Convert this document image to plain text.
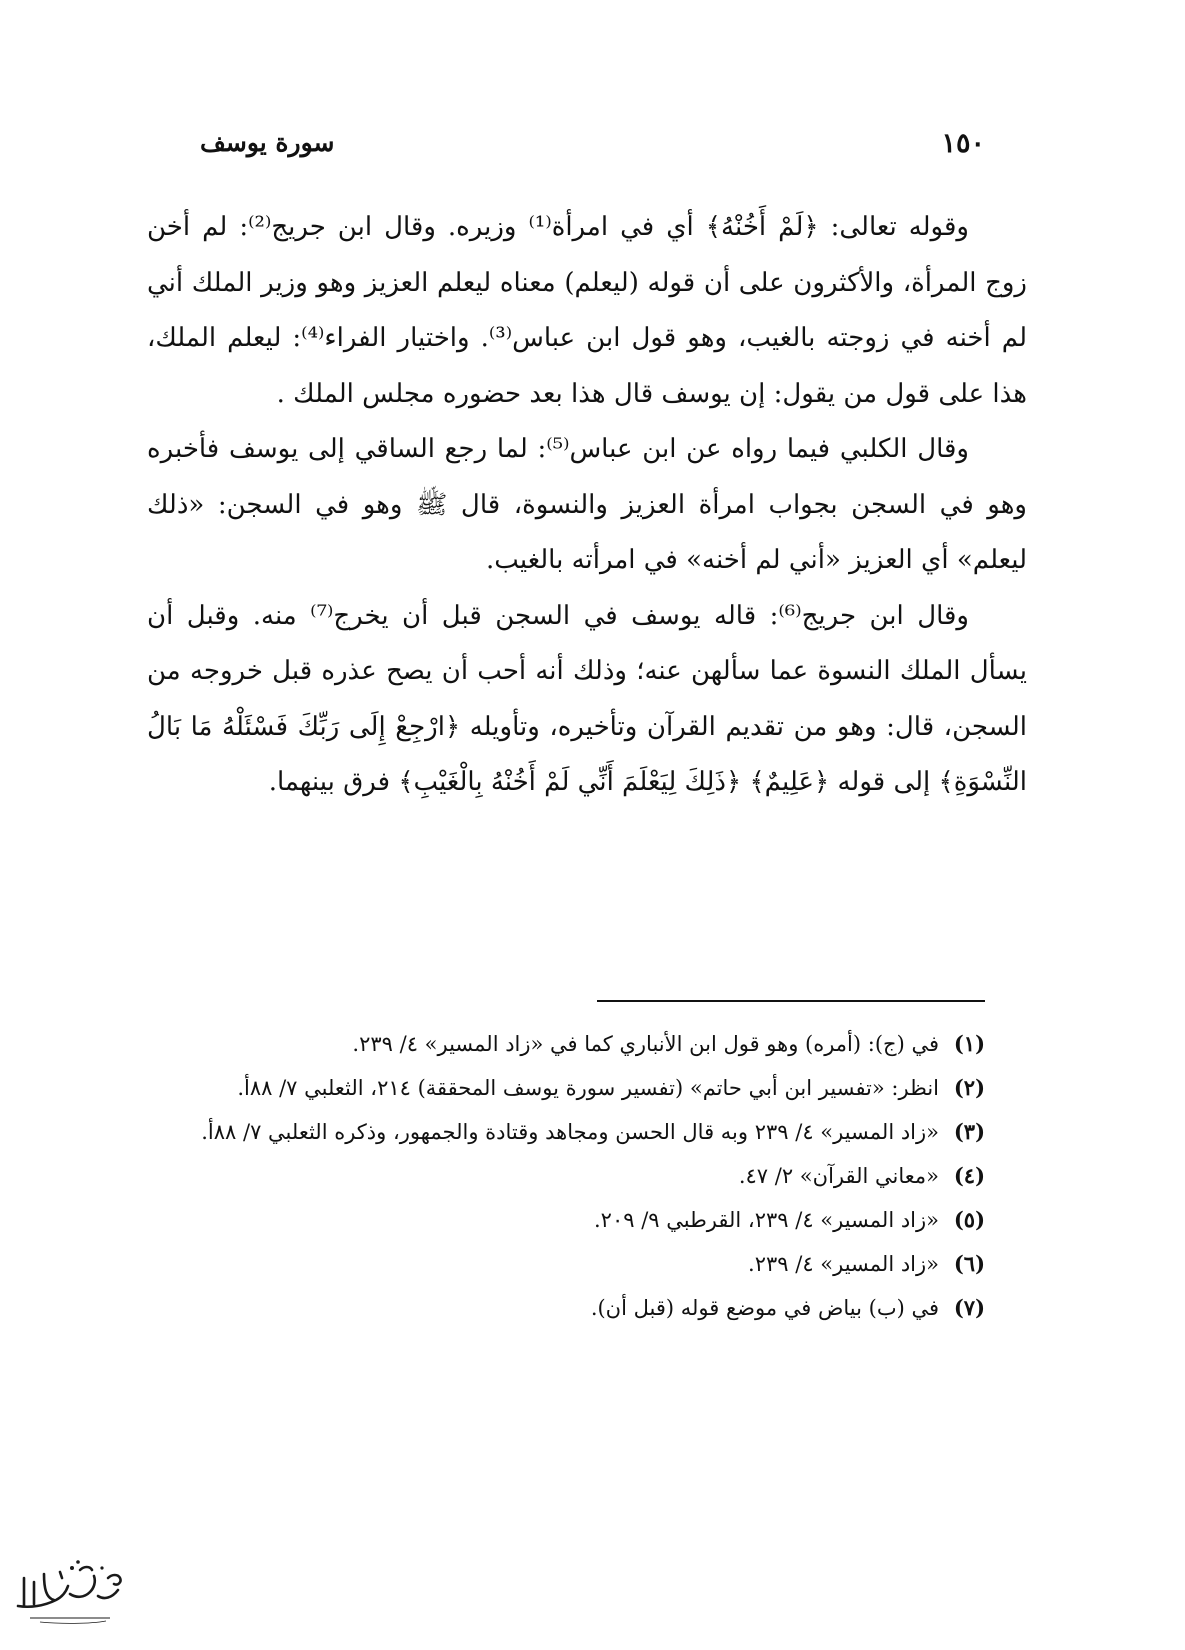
١٥٠
سورة يوسف

وقوله تعالى: ﴿لَمْ أَخُنْهُ﴾ أي في امرأة⁽¹⁾ وزيره. وقال ابن جريج⁽²⁾: لم أخن زوج المرأة، والأكثرون على أن قوله (ليعلم) معناه ليعلم العزيز وهو وزير الملك أني لم أخنه في زوجته بالغيب، وهو قول ابن عباس⁽³⁾. واختيار الفراء⁽⁴⁾: ليعلم الملك، هذا على قول من يقول: إن يوسف قال هذا بعد حضوره مجلس الملك .

وقال الكلبي فيما رواه عن ابن عباس⁽⁵⁾: لما رجع الساقي إلى يوسف فأخبره وهو في السجن بجواب امرأة العزيز والنسوة، قال ﷺ وهو في السجن: «ذلك ليعلم» أي العزيز «أني لم أخنه» في امرأته بالغيب.

وقال ابن جريج⁽⁶⁾: قاله يوسف في السجن قبل أن يخرج⁽⁷⁾ منه. وقبل أن يسأل الملك النسوة عما سألهن عنه؛ وذلك أنه أحب أن يصح عذره قبل خروجه من السجن، قال: وهو من تقديم القرآن وتأخيره، وتأويله ﴿ارْجِعْ إِلَى رَبِّكَ فَسْئَلْهُ مَا بَالُ النِّسْوَةِ﴾ إلى قوله ﴿عَلِيمٌ﴾ ﴿ذَلِكَ لِيَعْلَمَ أَنِّي لَمْ أَخُنْهُ بِالْغَيْبِ﴾ فرق بينهما.

(١)
في (ج): (أمره) وهو قول ابن الأنباري كما في «زاد المسير» ٤/ ٢٣٩.
(٢)
انظر: «تفسير ابن أبي حاتم» (تفسير سورة يوسف المحققة) ٢١٤، الثعلبي ٧/ ٨٨أ.
(٣)
«زاد المسير» ٤/ ٢٣٩ وبه قال الحسن ومجاهد وقتادة والجمهور، وذكره الثعلبي ٧/ ٨٨أ.
(٤)
«معاني القرآن» ٢/ ٤٧.
(٥)
«زاد المسير» ٤/ ٢٣٩، القرطبي ٩/ ٢٠٩.
(٦)
«زاد المسير» ٤/ ٢٣٩.
(٧)
في (ب) بياض في موضع قوله (قبل أن).
